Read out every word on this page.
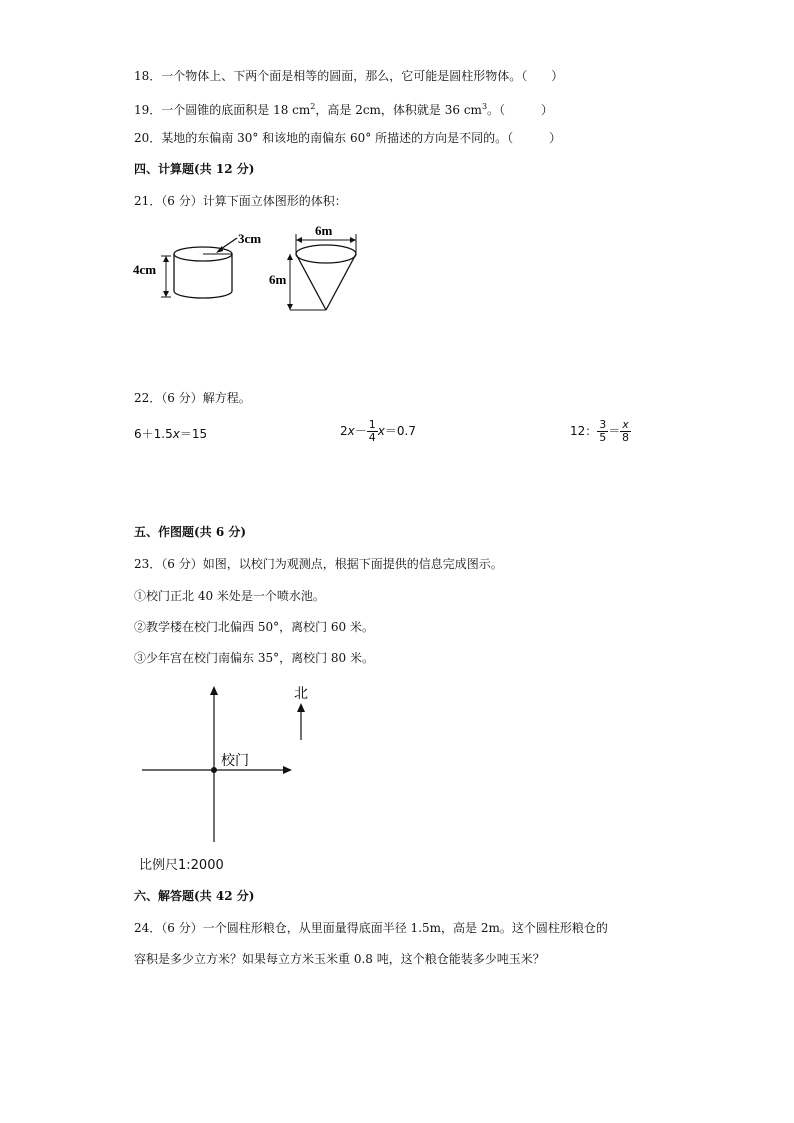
18．一个物体上、下两个面是相等的圆面，那么，它可能是圆柱形物体。（　　）
19．一个圆锥的底面积是 18 $cm^2$，高是 2cm，体积就是 36 $cm^3$。（　　　）
20．某地的东偏南 30° 和该地的南偏东 60° 所描述的方向是不同的。（　　　）
四、计算题(共 12 分)
21．（6 分）计算下面立体图形的体积：
3cm
4cm
6m
6m
22．（6 分）解方程。
6＋1.5x＝15	$2x- \frac{1}{4} x=0.7$	12： $\frac{3}{5} = \frac{x}{8}$
五、作图题(共 6 分)
23．（6 分）如图，以校门为观测点，根据下面提供的信息完成图示。
①校门正北 40 米处是一个喷水池。
②教学楼在校门北偏西 50°，离校门 60 米。
③少年宫在校门南偏东 35°，离校门 80 米。
校门
北
比例尺1:2000
六、解答题(共 42 分)
24．（6 分）一个圆柱形粮仓，从里面量得底面半径 1.5m，高是 2m。这个圆柱形粮仓的
容积是多少立方米？如果每立方米玉米重 0.8 吨，这个粮仓能装多少吨玉米？
